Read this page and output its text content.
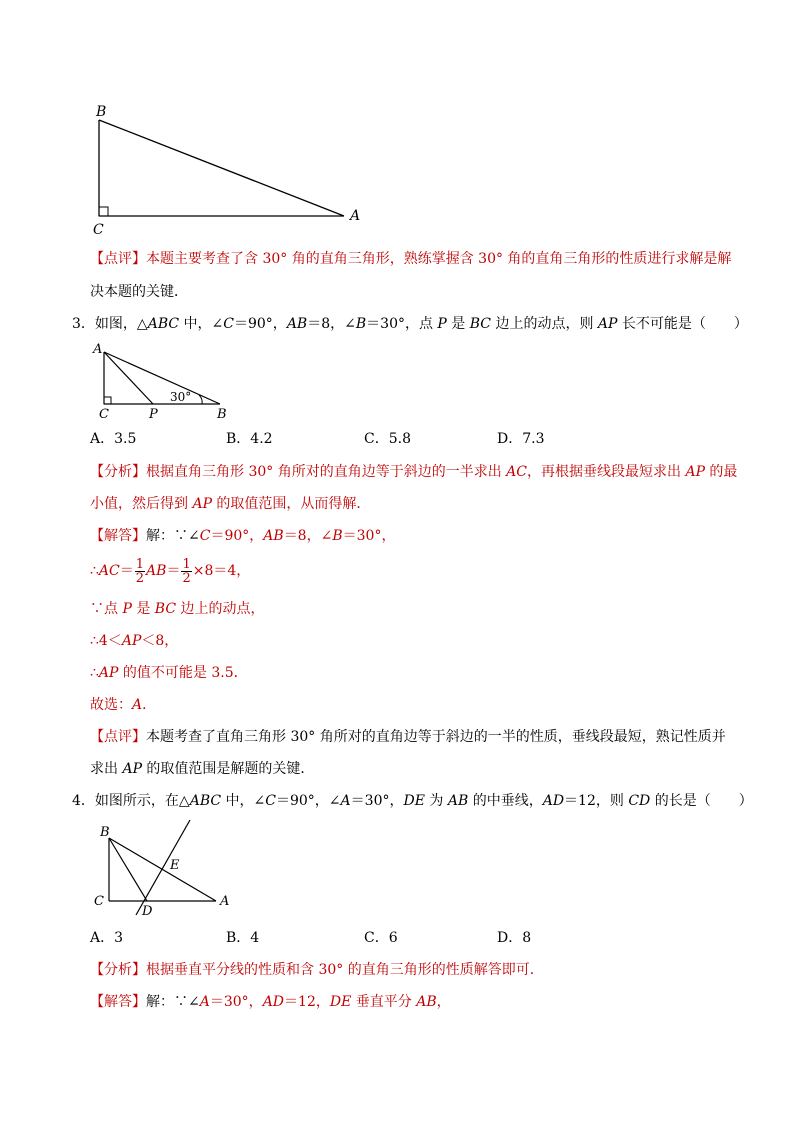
B
C
A
【点评】本题主要考查了含 30° 角的直角三角形，熟练掌握含 30° 角的直角三角形的性质进行求解是解
决本题的关键．
3．如图，△ABC 中，∠C＝90°，AB＝8，∠B＝30°，点 P 是 BC 边上的动点，则 AP 长不可能是（　　）
A
C	P	B
30°
A．3.5	B．4.2	C．5.8	D．7.3
【分析】根据直角三角形 30° 角所对的直角边等于斜边的一半求出 AC，再根据垂线段最短求出 AP 的最
小值，然后得到 AP 的取值范围，从而得解．
【解答】解：∵∠C＝90°，AB＝8，∠B＝30°，
∴AC＝ $\frac{1}{2} AB= \frac{1}{2} \times 8=4$，
∵点 P 是 BC 边上的动点，
∴4＜AP＜8，
∴AP 的值不可能是 3.5．
故选：A．
【点评】本题考查了直角三角形 30° 角所对的直角边等于斜边的一半的性质，垂线段最短，熟记性质并
求出 AP 的取值范围是解题的关键．
4．如图所示，在△ABC 中，∠C＝90°，∠A＝30°，DE 为 AB 的中垂线，AD＝12，则 CD 的长是（　　）
B
E
C
D
A
A．3	B．4	C．6	D．8
【分析】根据垂直平分线的性质和含 30° 的直角三角形的性质解答即可．
【解答】解：∵∠A＝30°，AD＝12，DE 垂直平分 AB，
